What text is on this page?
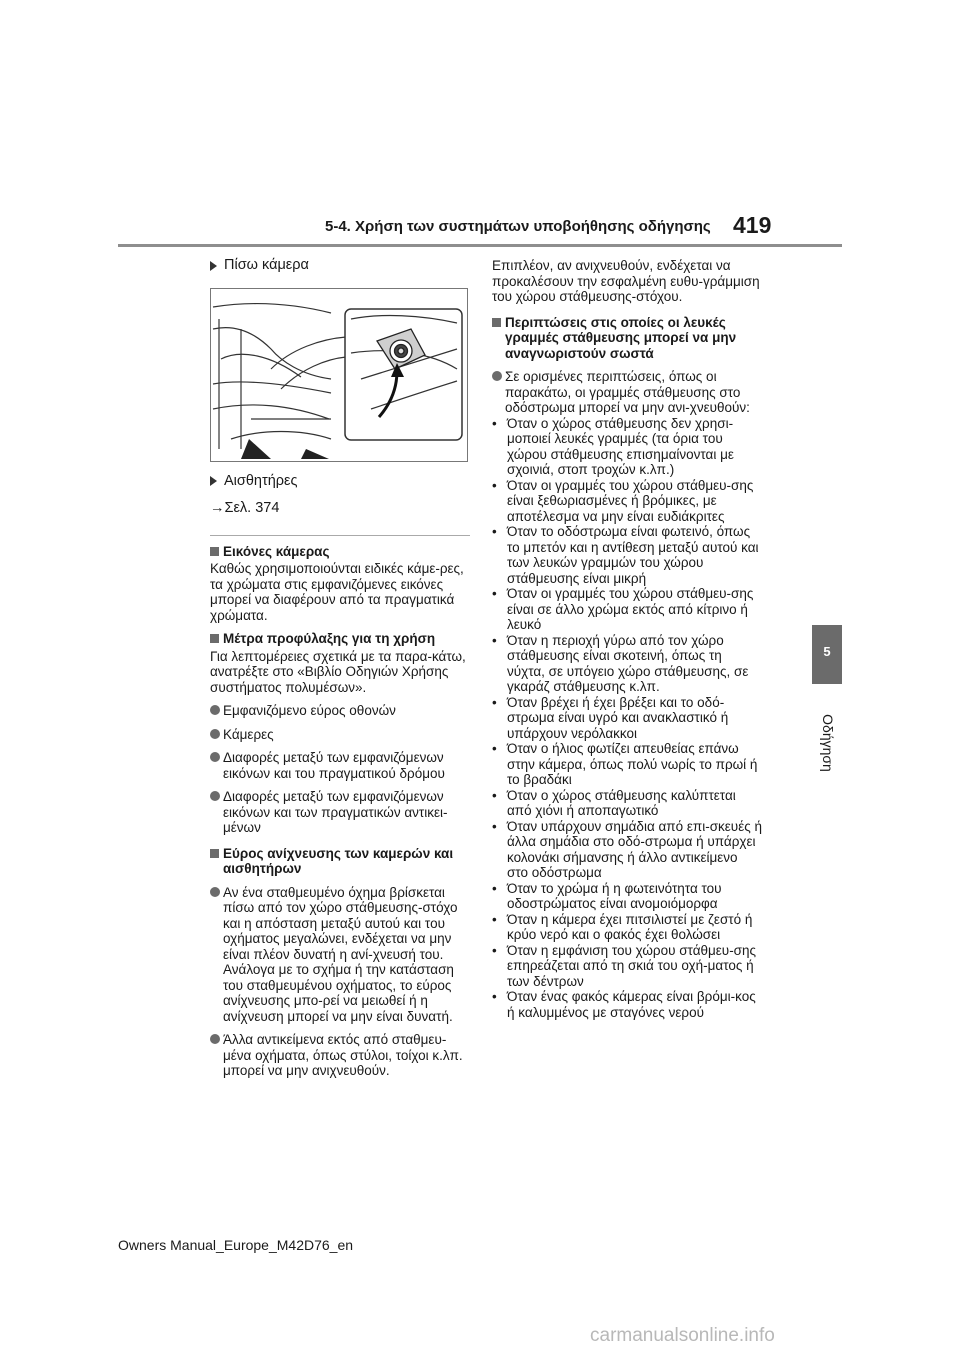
5-4. Χρήση των συστημάτων υποβοήθησης οδήγησης 419
5
Οδήγηση
Πίσω κάμερα
Αισθητήρες
→Σελ. 374
Εικόνες κάμερας

Καθώς χρησιμοποιούνται ειδικές κάμε-ρες, τα χρώματα στις εμφανιζόμενες εικόνες μπορεί να διαφέρουν από τα πραγματικά χρώματα.

Μέτρα προφύλαξης για τη χρήση

Για λεπτομέρειες σχετικά με τα παρα-κάτω, ανατρέξτε στο «Βιβλίο Οδηγιών Χρήσης συστήματος πολυμέσων».

Εμφανιζόμενο εύρος οθονών
Κάμερες
Διαφορές μεταξύ των εμφανιζόμενων εικόνων και του πραγματικού δρόμου
Διαφορές μεταξύ των εμφανιζόμενων εικόνων και των πραγματικών αντικει-μένων
Εύρος ανίχνευσης των καμερών και αισθητήρων
Αν ένα σταθμευμένο όχημα βρίσκεται πίσω από τον χώρο στάθμευσης-στόχο και η απόσταση μεταξύ αυτού και του οχήματος μεγαλώνει, ενδέχεται να μην είναι πλέον δυνατή η ανί-χνευσή του. Ανάλογα με το σχήμα ή την κατάσταση του σταθμευμένου οχήματος, το εύρος ανίχνευσης μπο-ρεί να μειωθεί ή η ανίχνευση μπορεί να μην είναι δυνατή.
Άλλα αντικείμενα εκτός από σταθμευ-μένα οχήματα, όπως στύλοι, τοίχοι κ.λπ. μπορεί να μην ανιχνευθούν.

Επιπλέον, αν ανιχνευθούν, ενδέχεται να προκαλέσουν την εσφαλμένη ευθυ-γράμμιση του χώρου στάθμευσης-στόχου.

Περιπτώσεις στις οποίες οι λευκές γραμμές στάθμευσης μπορεί να μην αναγνωριστούν σωστά
Σε ορισμένες περιπτώσεις, όπως οι παρακάτω, οι γραμμές στάθμευσης στο οδόστρωμα μπορεί να μην ανι-χνευθούν:
• Όταν ο χώρος στάθμευσης δεν χρησι-μοποιεί λευκές γραμμές (τα όρια του χώρου στάθμευσης επισημαίνονται με σχοινιά, στοπ τροχών κ.λπ.)
• Όταν οι γραμμές του χώρου στάθμευ-σης είναι ξεθωριασμένες ή βρόμικες, με αποτέλεσμα να μην είναι ευδιάκριτες
• Όταν το οδόστρωμα είναι φωτεινό, όπως το μπετόν και η αντίθεση μεταξύ αυτού και των λευκών γραμμών του χώρου στάθμευσης είναι μικρή
• Όταν οι γραμμές του χώρου στάθμευ-σης είναι σε άλλο χρώμα εκτός από κίτρινο ή λευκό
• Όταν η περιοχή γύρω από τον χώρο στάθμευσης είναι σκοτεινή, όπως τη νύχτα, σε υπόγειο χώρο στάθμευσης, σε γκαράζ στάθμευσης κ.λπ.
• Όταν βρέχει ή έχει βρέξει και το οδό-στρωμα είναι υγρό και ανακλαστικό ή υπάρχουν νερόλακκοι
• Όταν ο ήλιος φωτίζει απευθείας επάνω στην κάμερα, όπως πολύ νωρίς το πρωί ή το βραδάκι
• Όταν ο χώρος στάθμευσης καλύπτεται από χιόνι ή αποπαγωτικό
• Όταν υπάρχουν σημάδια από επι-σκευές ή άλλα σημάδια στο οδό-στρωμα ή υπάρχει κολονάκι σήμανσης ή άλλο αντικείμενο στο οδόστρωμα
• Όταν το χρώμα ή η φωτεινότητα του οδοστρώματος είναι ανομοιόμορφα
• Όταν η κάμερα έχει πιτσιλιστεί με ζεστό ή κρύο νερό και ο φακός έχει θολώσει
• Όταν η εμφάνιση του χώρου στάθμευ-σης επηρεάζεται από τη σκιά του οχή-ματος ή των δέντρων
• Όταν ένας φακός κάμερας είναι βρόμι-κος ή καλυμμένος με σταγόνες νερού
Owners Manual_Europe_M42D76_en
carmanualsonline.info
